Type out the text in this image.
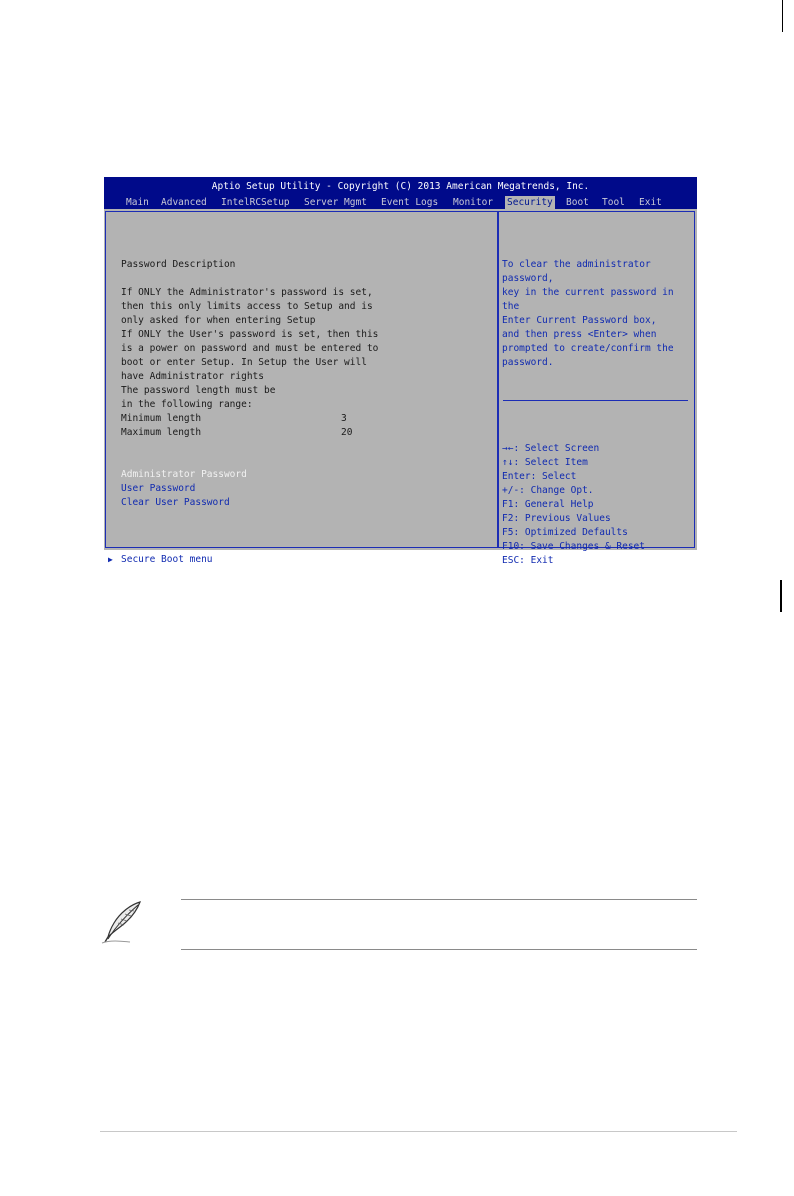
Aptio Setup Utility - Copyright (C) 2013 American Megatrends, Inc.
Main Advanced IntelRCSetup Server Mgmt Event Logs Monitor Security Boot Tool Exit
Password Description
If ONLY the Administrator's password is set,
then this only limits access to Setup and is
only asked for when entering Setup
If ONLY the User's password is set, then this
is a power on password and must be entered to
boot or enter Setup. In Setup the User will
have Administrator rights
The password length must be
in the following range:
Minimum length	3
Maximum length	20
Administrator Password
User Password
Clear User Password
▶ Secure Boot menu
To clear the administrator
password,
key in the current password in
the
Enter Current Password box,
and then press <Enter> when
prompted to create/confirm the
password.
→←: Select Screen
↑↓: Select Item
Enter: Select
+/-: Change Opt.
F1: General Help
F2: Previous Values
F5: Optimized Defaults
F10: Save Changes & Reset
ESC: Exit
